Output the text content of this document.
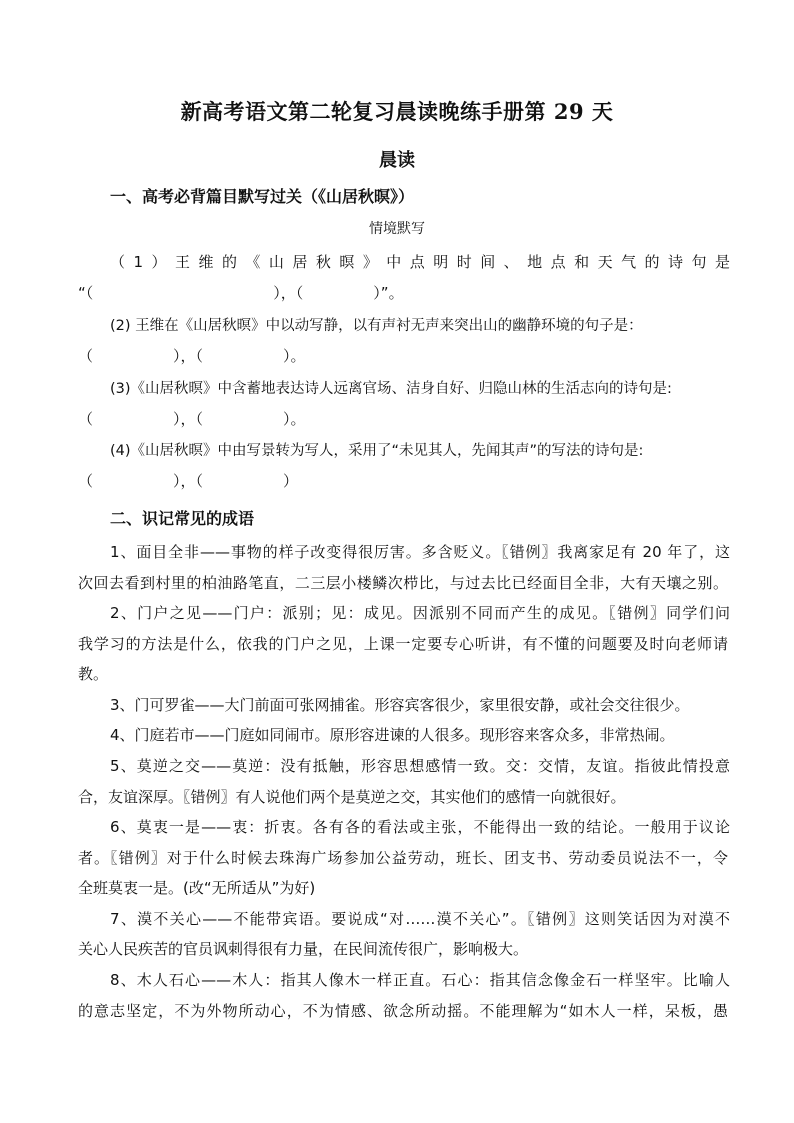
新高考语文第二轮复习晨读晚练手册第 29 天
晨读
一、高考必背篇目默写过关（《山居秋暝》）
情境默写
（1）王维的《山居秋暝》中点明时间、地点和天气的诗句是
“（	），（	）”。
(2) 王维在《山居秋暝》中以动写静，以有声衬无声来突出山的幽静环境的句子是：
（	），（	）。
(3)《山居秋暝》中含蓄地表达诗人远离官场、洁身自好、归隐山林的生活志向的诗句是:
（	），（	）。
(4)《山居秋暝》中由写景转为写人，采用了“未见其人，先闻其声”的写法的诗句是:
（	），（	）
二、识记常见的成语
1、面目全非——事物的样子改变得很厉害。多含贬义。〖错例〗我离家足有 20 年了，这
次回去看到村里的柏油路笔直，二三层小楼鳞次栉比，与过去比已经面目全非，大有天壤之别。
2、门户之见——门户：派别；见：成见。因派别不同而产生的成见。〖错例〗同学们问
我学习的方法是什么，依我的门户之见，上课一定要专心听讲，有不懂的问题要及时向老师请
教。
3、门可罗雀——大门前面可张网捕雀。形容宾客很少，家里很安静，或社会交往很少。
4、门庭若市——门庭如同闹市。原形容进谏的人很多。现形容来客众多，非常热闹。
5、莫逆之交——莫逆：没有抵触，形容思想感情一致。交：交情，友谊。指彼此情投意
合，友谊深厚。〖错例〗有人说他们两个是莫逆之交，其实他们的感情一向就很好。
6、莫衷一是——衷：折衷。各有各的看法或主张，不能得出一致的结论。一般用于议论
者。〖错例〗对于什么时候去珠海广场参加公益劳动，班长、团支书、劳动委员说法不一，令
全班莫衷一是。(改“无所适从”为好)
7、漠不关心——不能带宾语。要说成“对……漠不关心”。〖错例〗这则笑话因为对漠不
关心人民疾苦的官员讽刺得很有力量，在民间流传很广，影响极大。
8、木人石心——木人：指其人像木一样正直。石心：指其信念像金石一样坚牢。比喻人
的意志坚定，不为外物所动心，不为情感、欲念所动摇。不能理解为“如木人一样，呆板，愚
